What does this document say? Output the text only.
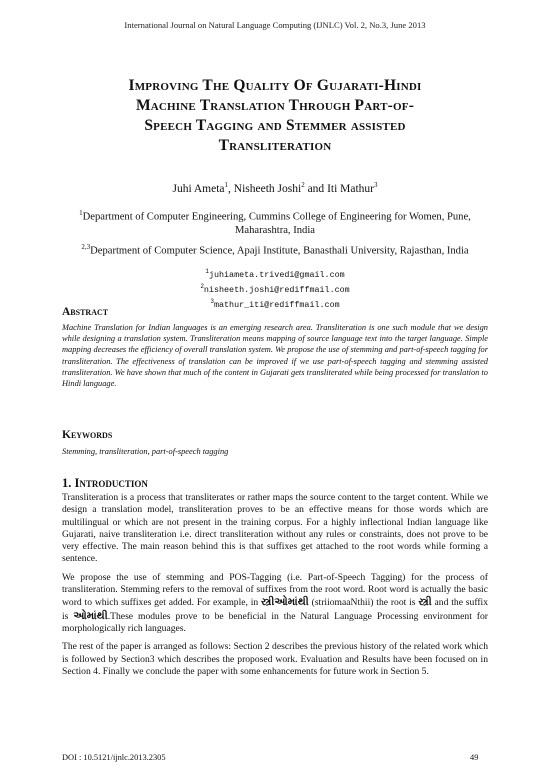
International Journal on Natural Language Computing (IJNLC) Vol. 2, No.3, June 2013
Improving The Quality Of Gujarati-Hindi
Machine Translation Through Part-of-
Speech Tagging and Stemmer assisted
Transliteration
Juhi Ameta$^1$, Nisheeth Joshi$^2$ and Iti Mathur$^3$
$^1$Department of Computer Engineering, Cummins College of Engineering for Women, Pune, Maharashtra, India
$^{2,3}$Department of Computer Science, Apaji Institute, Banasthali University, Rajasthan, India
$^1$juhiameta.trivedi@gmail.com
$^2$nisheeth.joshi@rediffmail.com
$^3$mathur_iti@rediffmail.com
Abstract
Machine Translation for Indian languages is an emerging research area. Transliteration is one such module that we design while designing a translation system. Transliteration means mapping of source language text into the target language. Simple mapping decreases the efficiency of overall translation system. We propose the use of stemming and part-of-speech tagging for transliteration. The effectiveness of translation can be improved if we use part-of-speech tagging and stemming assisted transliteration. We have shown that much of the content in Gujarati gets transliterated while being processed for translation to Hindi language.
Keywords
Stemming, transliteration, part-of-speech tagging
1. Introduction

Transliteration is a process that transliterates or rather maps the source content to the target content. While we design a translation model, transliteration proves to be an effective means for those words which are multilingual or which are not present in the training corpus. For a highly inflectional Indian language like Gujarati, naive transliteration i.e. direct transliteration without any rules or constraints, does not prove to be very effective. The main reason behind this is that suffixes get attached to the root words while forming a sentence.

We propose the use of stemming and POS-Tagging (i.e. Part-of-Speech Tagging) for the process of transliteration. Stemming refers to the removal of suffixes from the root word. Root word is actually the basic word to which suffixes get added. For example, in સ્ત્રીઓમાંથી (striiomaaNthii) the root is સ્ત્રી and the suffix is ઓમાંથી.These modules prove to be beneficial in the Natural Language Processing environment for morphologically rich languages.

The rest of the paper is arranged as follows: Section 2 describes the previous history of the related work which is followed by Section3 which describes the proposed work. Evaluation and Results have been focused on in Section 4. Finally we conclude the paper with some enhancements for future work in Section 5.

DOI : 10.5121/ijnlc.2013.2305	49
